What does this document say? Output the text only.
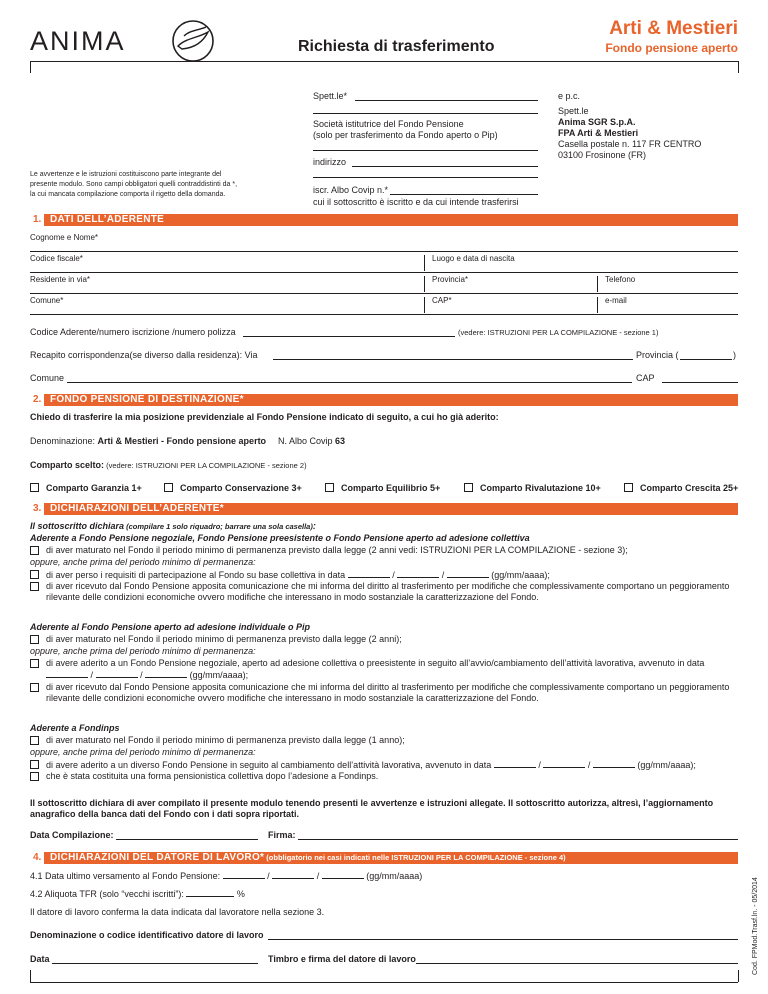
ANIMA	Richiesta di trasferimento
Arti & Mestieri
Fondo pensione aperto
Spett.le*
Società istitutrice del Fondo Pensione
(solo per trasferimento da Fondo aperto o Pip)
indirizzo
iscr. Albo Covip n.*
cui il sottoscritto è iscritto e da cui intende trasferirsi
e p.c.
Spett.le
Anima SGR S.p.A.
FPA Arti & Mestieri
Casella postale n. 117 FR CENTRO
03100 Frosinone (FR)
Le avvertenze e le istruzioni costituiscono parte integrante del
presente modulo. Sono campi obbligatori quelli contraddistinti da *,
la cui mancata compilazione comporta il rigetto della domanda.
1. DATI DELL’ADERENTE
Cognome e Nome*
Codice fiscale*	Luogo e data di nascita
Residente in via*	Provincia*	Telefono
Comune*	CAP*	e-mail
Codice Aderente/numero iscrizione /numero polizza	(vedere: ISTRUZIONI PER LA COMPILAZIONE - sezione 1)
Recapito corrispondenza(se diverso dalla residenza): Via	Provincia (	)
Comune	CAP
2. FONDO PENSIONE DI DESTINAZIONE*
Chiedo di trasferire la mia posizione previdenziale al Fondo Pensione indicato di seguito, a cui ho già aderito:
Denominazione: Arti & Mestieri - Fondo pensione aperto N. Albo Covip 63
Comparto scelto: (vedere: ISTRUZIONI PER LA COMPILAZIONE - sezione 2)
Comparto Garanzia 1+	Comparto Conservazione 3+	Comparto Equilibrio 5+	Comparto Rivalutazione 10+	Comparto Crescita 25+
3. DICHIARAZIONI DELL’ADERENTE*
Il sottoscritto dichiara (compilare 1 solo riquadro; barrare una sola casella):
Aderente a Fondo Pensione negoziale, Fondo Pensione preesistente o Fondo Pensione aperto ad adesione collettiva
di aver maturato nel Fondo il periodo minimo di permanenza previsto dalla legge (2 anni vedi: ISTRUZIONI PER LA COMPILAZIONE - sezione 3);
oppure, anche prima del periodo minimo di permanenza:
di aver perso i requisiti di partecipazione al Fondo su base collettiva in data	/	/	(gg/mm/aaaa);
di aver ricevuto dal Fondo Pensione apposita comunicazione che mi informa del diritto al trasferimento per modifiche che complessivamente comportano un peggioramento
rilevante delle condizioni economiche ovvero modifiche che interessano in modo sostanziale la caratterizzazione del Fondo.
Aderente al Fondo Pensione aperto ad adesione individuale o Pip
di aver maturato nel Fondo il periodo minimo di permanenza previsto dalla legge (2 anni);
oppure, anche prima del periodo minimo di permanenza:
di avere aderito a un Fondo Pensione negoziale, aperto ad adesione collettiva o preesistente in seguito all’avvio/cambiamento dell’attività lavorativa, avvenuto in data
/	/	(gg/mm/aaaa);
di aver ricevuto dal Fondo Pensione apposita comunicazione che mi informa del diritto al trasferimento per modifiche che complessivamente comportano un peggioramento
rilevante delle condizioni economiche ovvero modifiche che interessano in modo sostanziale la caratterizzazione del Fondo.
Aderente a Fondinps
di aver maturato nel Fondo il periodo minimo di permanenza previsto dalla legge (1 anno);
oppure, anche prima del periodo minimo di permanenza:
di avere aderito a un diverso Fondo Pensione in seguito al cambiamento dell’attività lavorativa, avvenuto in data	/	/	(gg/mm/aaaa);
che è stata costituita una forma pensionistica collettiva dopo l’adesione a Fondinps.
Il sottoscritto dichiara di aver compilato il presente modulo tenendo presenti le avvertenze e istruzioni allegate. Il sottoscritto autorizza, altresì, l’aggiornamento
anagrafico della banca dati del Fondo con i dati sopra riportati.
Data Compilazione:	Firma:
4. DICHIARAZIONI DEL DATORE DI LAVORO* (obbligatorio nei casi indicati nelle ISTRUZIONI PER LA COMPILAZIONE - sezione 4)
4.1 Data ultimo versamento al Fondo Pensione:	/	/	(gg/mm/aaaa)
4.2 Aliquota TFR (solo “vecchi iscritti”):	%
Il datore di lavoro conferma la data indicata dal lavoratore nella sezione 3.
Denominazione o codice identificativo datore di lavoro
Data	Timbro e firma del datore di lavoro	Cod. FPMod.Trasf.ln. - 05/2014
